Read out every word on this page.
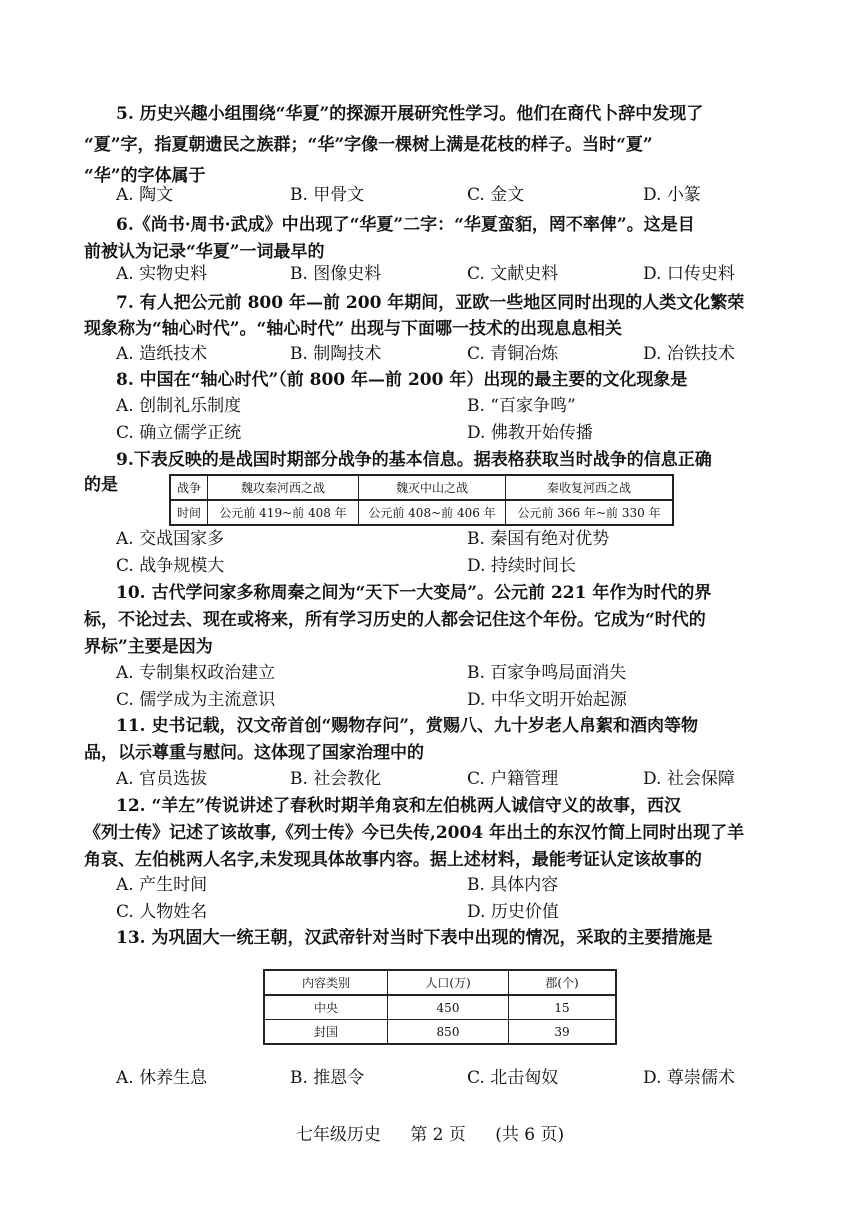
5. 历史兴趣小组围绕“华夏”的探源开展研究性学习。他们在商代卜辞中发现了
“夏”字，指夏朝遗民之族群；“华”字像一棵树上满是花枝的样子。当时“夏”
“华”的字体属于
A. 陶文	B. 甲骨文	C. 金文	D. 小篆
6.《尚书·周书·武成》中出现了“华夏”二字：“华夏蛮貊，罔不率俾”。这是目
前被认为记录“华夏”一词最早的
A. 实物史料	B. 图像史料	C. 文献史料	D. 口传史料
7. 有人把公元前 800 年—前 200 年期间，亚欧一些地区同时出现的人类文化繁荣
现象称为“轴心时代”。“轴心时代” 出现与下面哪一技术的出现息息相关
A. 造纸技术	B. 制陶技术	C. 青铜冶炼	D. 冶铁技术
8. 中国在“轴心时代”（前 800 年—前 200 年）出现的最主要的文化现象是
A. 创制礼乐制度	B. “百家争鸣”
C. 确立儒学正统	D. 佛教开始传播
9.下表反映的是战国时期部分战争的基本信息。据表格获取当时战争的信息正确
的是	战争	魏攻秦河西之战	魏灭中山之战	秦收复河西之战
时间	公元前 419~前 408 年	公元前 408~前 406 年	公元前 366 年~前 330 年
A. 交战国家多	B. 秦国有绝对优势
C. 战争规模大	D. 持续时间长
10. 古代学问家多称周秦之间为“天下一大变局”。公元前 221 年作为时代的界
标，不论过去、现在或将来，所有学习历史的人都会记住这个年份。它成为“时代的
界标”主要是因为
A. 专制集权政治建立	B. 百家争鸣局面消失
C. 儒学成为主流意识	D. 中华文明开始起源
11. 史书记载，汉文帝首创“赐物存问”，赏赐八、九十岁老人帛絮和酒肉等物
品，以示尊重与慰问。这体现了国家治理中的
A. 官员选拔	B. 社会教化	C. 户籍管理	D. 社会保障
12. “羊左”传说讲述了春秋时期羊角哀和左伯桃两人诚信守义的故事，西汉
《列士传》记述了该故事,《列士传》今已失传,2004 年出土的东汉竹简上同时出现了羊
角哀、左伯桃两人名字,未发现具体故事内容。据上述材料，最能考证认定该故事的
A. 产生时间	B. 具体内容
C. 人物姓名	D. 历史价值
13. 为巩固大一统王朝，汉武帝针对当时下表中出现的情况，采取的主要措施是
内容类别	人口(万)	郡(个)
中央	450	15
封国	850	39
A. 休养生息	B. 推恩令	C. 北击匈奴	D. 尊崇儒术
七年级历史 第 2 页 (共 6 页)
